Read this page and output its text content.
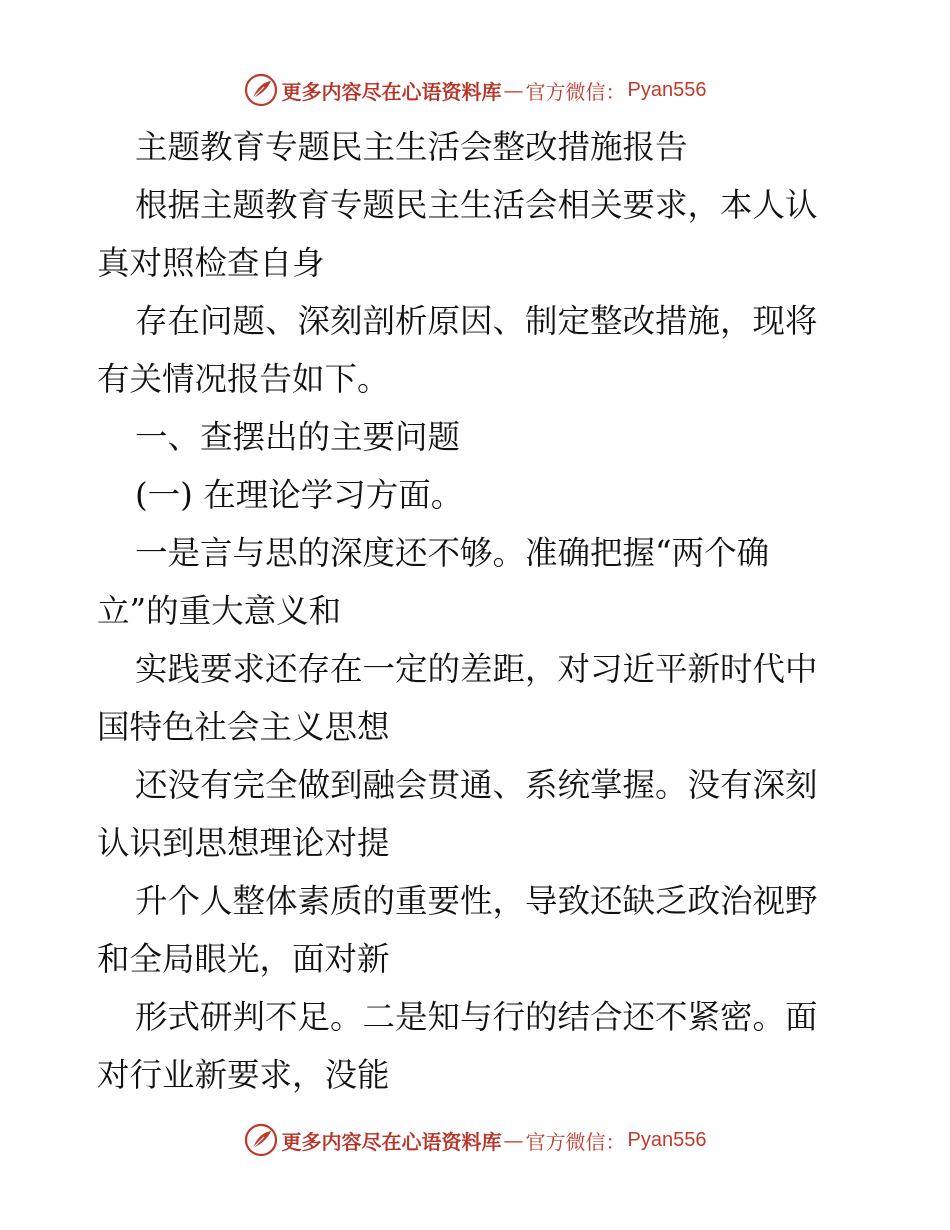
更多内容尽在心语资料库 — 官方微信： Pyan556
主题教育专题民主生活会整改措施报告
根据主题教育专题民主生活会相关要求，本人认
真对照检查自身
存在问题、深刻剖析原因、制定整改措施，现将
有关情况报告如下。
一、查摆出的主要问题
(一) 在理论学习方面。
一是言与思的深度还不够。准确把握“两个确
立”的重大意义和
实践要求还存在一定的差距，对习近平新时代中
国特色社会主义思想
还没有完全做到融会贯通、系统掌握。没有深刻
认识到思想理论对提
升个人整体素质的重要性，导致还缺乏政治视野
和全局眼光，面对新
形式研判不足。二是知与行的结合还不紧密。面
对行业新要求，没能
更多内容尽在心语资料库 — 官方微信： Pyan556
